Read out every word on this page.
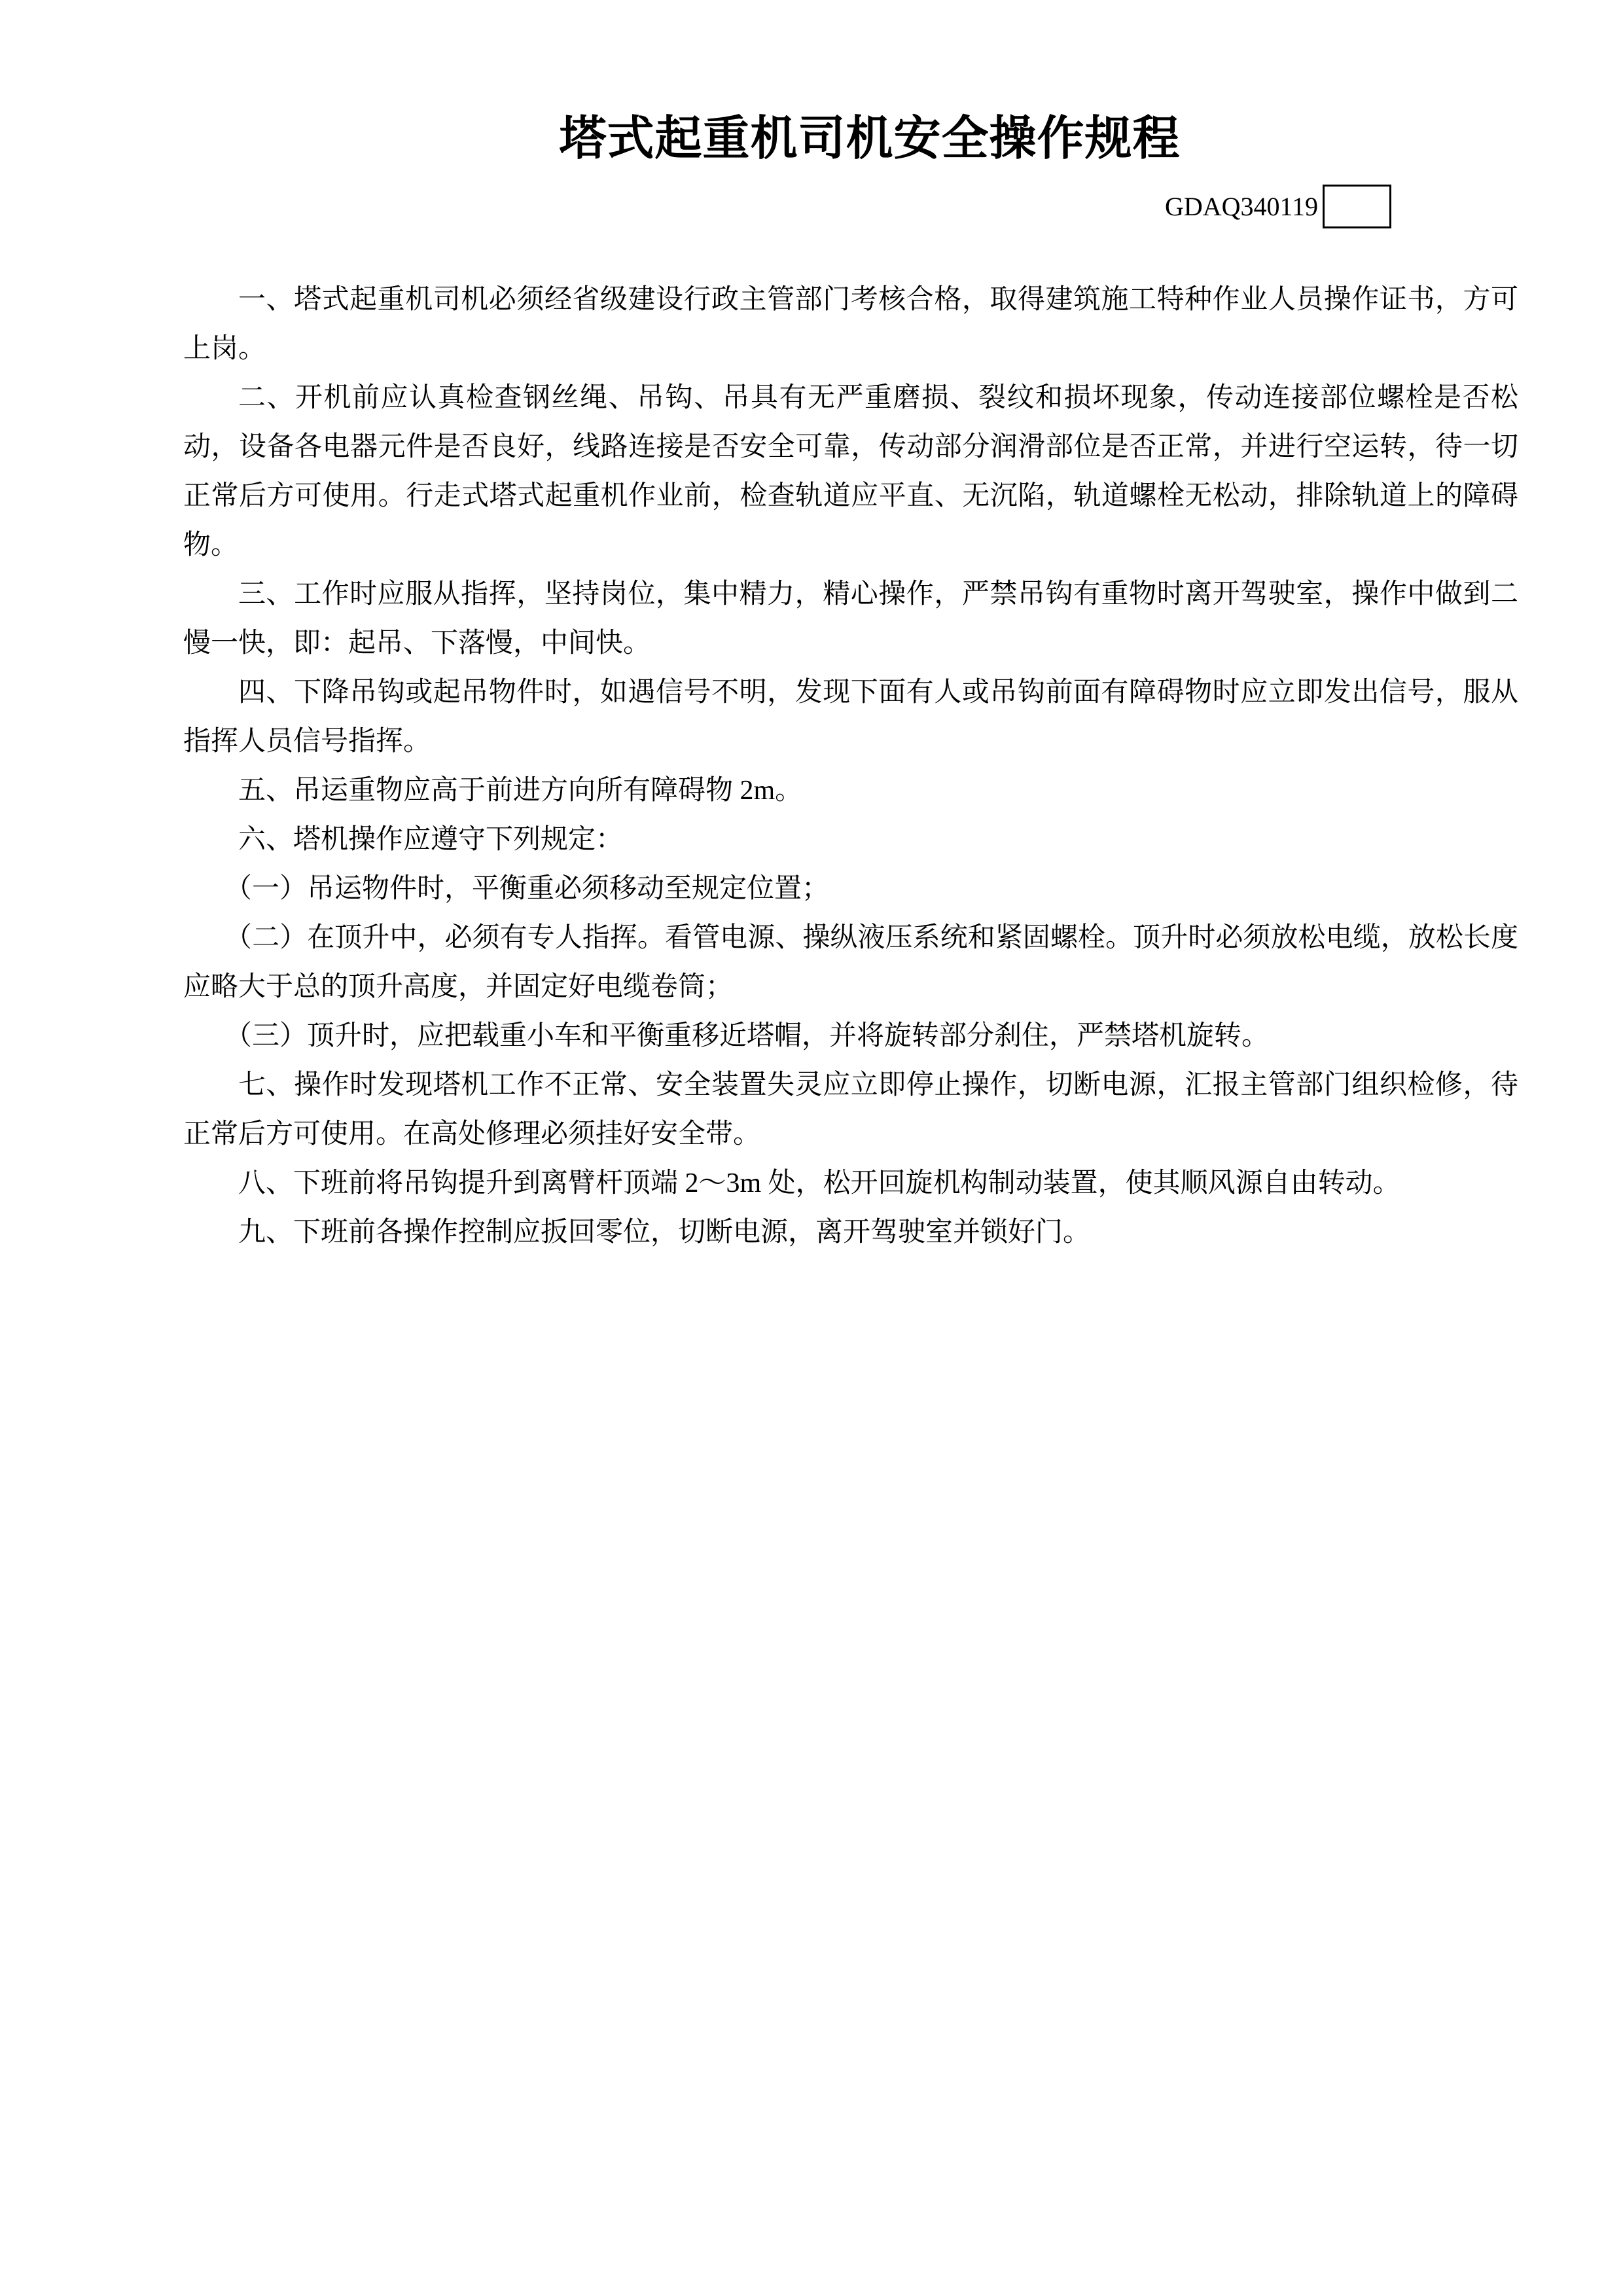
塔式起重机司机安全操作规程
GDAQ340119

一、塔式起重机司机必须经省级建设行政主管部门考核合格，取得建筑施工特种作业人员操作证书，方可上岗。

二、开机前应认真检查钢丝绳、吊钩、吊具有无严重磨损、裂纹和损坏现象，传动连接部位螺栓是否松动，设备各电器元件是否良好，线路连接是否安全可靠，传动部分润滑部位是否正常，并进行空运转，待一切正常后方可使用。行走式塔式起重机作业前，检查轨道应平直、无沉陷，轨道螺栓无松动，排除轨道上的障碍物。

三、工作时应服从指挥，坚持岗位，集中精力，精心操作，严禁吊钩有重物时离开驾驶室，操作中做到二慢一快，即：起吊、下落慢，中间快。

四、下降吊钩或起吊物件时，如遇信号不明，发现下面有人或吊钩前面有障碍物时应立即发出信号，服从指挥人员信号指挥。

五、吊运重物应高于前进方向所有障碍物 2m。

六、塔机操作应遵守下列规定：

（一）吊运物件时，平衡重必须移动至规定位置；

（二）在顶升中，必须有专人指挥。看管电源、操纵液压系统和紧固螺栓。顶升时必须放松电缆，放松长度应略大于总的顶升高度，并固定好电缆卷筒；

（三）顶升时，应把载重小车和平衡重移近塔帽，并将旋转部分刹住，严禁塔机旋转。

七、操作时发现塔机工作不正常、安全装置失灵应立即停止操作，切断电源，汇报主管部门组织检修，待正常后方可使用。在高处修理必须挂好安全带。

八、下班前将吊钩提升到离臂杆顶端 2～3m 处，松开回旋机构制动装置，使其顺风源自由转动。

九、下班前各操作控制应扳回零位，切断电源，离开驾驶室并锁好门。
